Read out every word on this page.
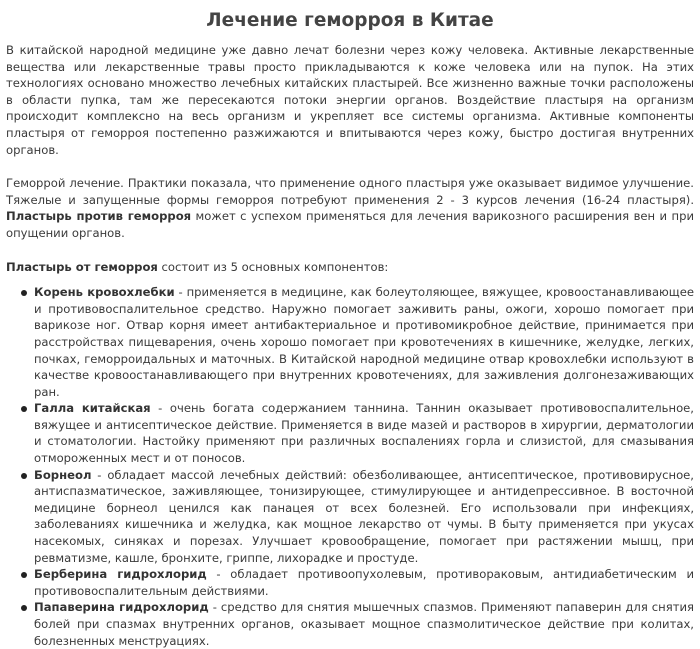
Лечение геморроя в Китае

В китайской народной медицине уже давно лечат болезни через кожу человека. Активные лекарственные вещества или лекарственные травы просто прикладываются к коже человека или на пупок. На этих технологиях основано множество лечебных китайских пластырей. Все жизненно важные точки расположены в области пупка, там же пересекаются потоки энергии органов. Воздействие пластыря на организм происходит комплексно на весь организм и укрепляет все системы организма. Активные компоненты пластыря от геморроя постепенно разжижаются и впитываются через кожу, быстро достигая внутренних органов.

Геморрой лечение. Практики показала, что применение одного пластыря уже оказывает видимое улучшение. Тяжелые и запущенные формы геморроя потребуют применения 2 - 3 курсов лечения (16-24 пластыря). Пластырь против геморроя может с успехом применяться для лечения варикозного расширения вен и при опущении органов.

Пластырь от геморроя состоит из 5 основных компонентов:

Корень кровохлебки - применяется в медицине, как болеутоляющее, вяжущее, кровоостанавливающее и противовоспалительное средство. Наружно помогает заживить раны, ожоги, хорошо помогает при варикозе ног. Отвар корня имеет антибактериальное и противомикробное действие, принимается при расстройствах пищеварения, очень хорошо помогает при кровотечениях в кишечнике, желудке, легких, почках, геморроидальных и маточных. В Китайской народной медицине отвар кровохлебки используют в качестве кровоостанавливающего при внутренних кровотечениях, для заживления долгонезаживающих ран.
Галла китайская - очень богата содержанием таннина. Таннин оказывает противовоспалительное, вяжущее и антисептическое действие. Применяется в виде мазей и растворов в хирургии, дерматологии и стоматологии. Настойку применяют при различных воспалениях горла и слизистой, для смазывания отмороженных мест и от поносов.
Борнеол - обладает массой лечебных действий: обезболивающее, антисептическое, противовирусное, антиспазматическое, заживляющее, тонизирующее, стимулирующее и антидепрессивное. В восточной медицине борнеол ценился как панацея от всех болезней. Его использовали при инфекциях, заболеваниях кишечника и желудка, как мощное лекарство от чумы. В быту применяется при укусах насекомых, синяках и порезах. Улучшает кровообращение, помогает при растяжении мышц, при ревматизме, кашле, бронхите, гриппе, лихорадке и простуде.
Берберина гидрохлорид - обладает противоопухолевым, противораковым, антидиабетическим и противовоспалительным действиями.
Папаверина гидрохлорид - средство для снятия мышечных спазмов. Применяют папаверин для снятия болей при спазмах внутренних органов, оказывает мощное спазмолитическое действие при колитах, болезненных менструациях.
